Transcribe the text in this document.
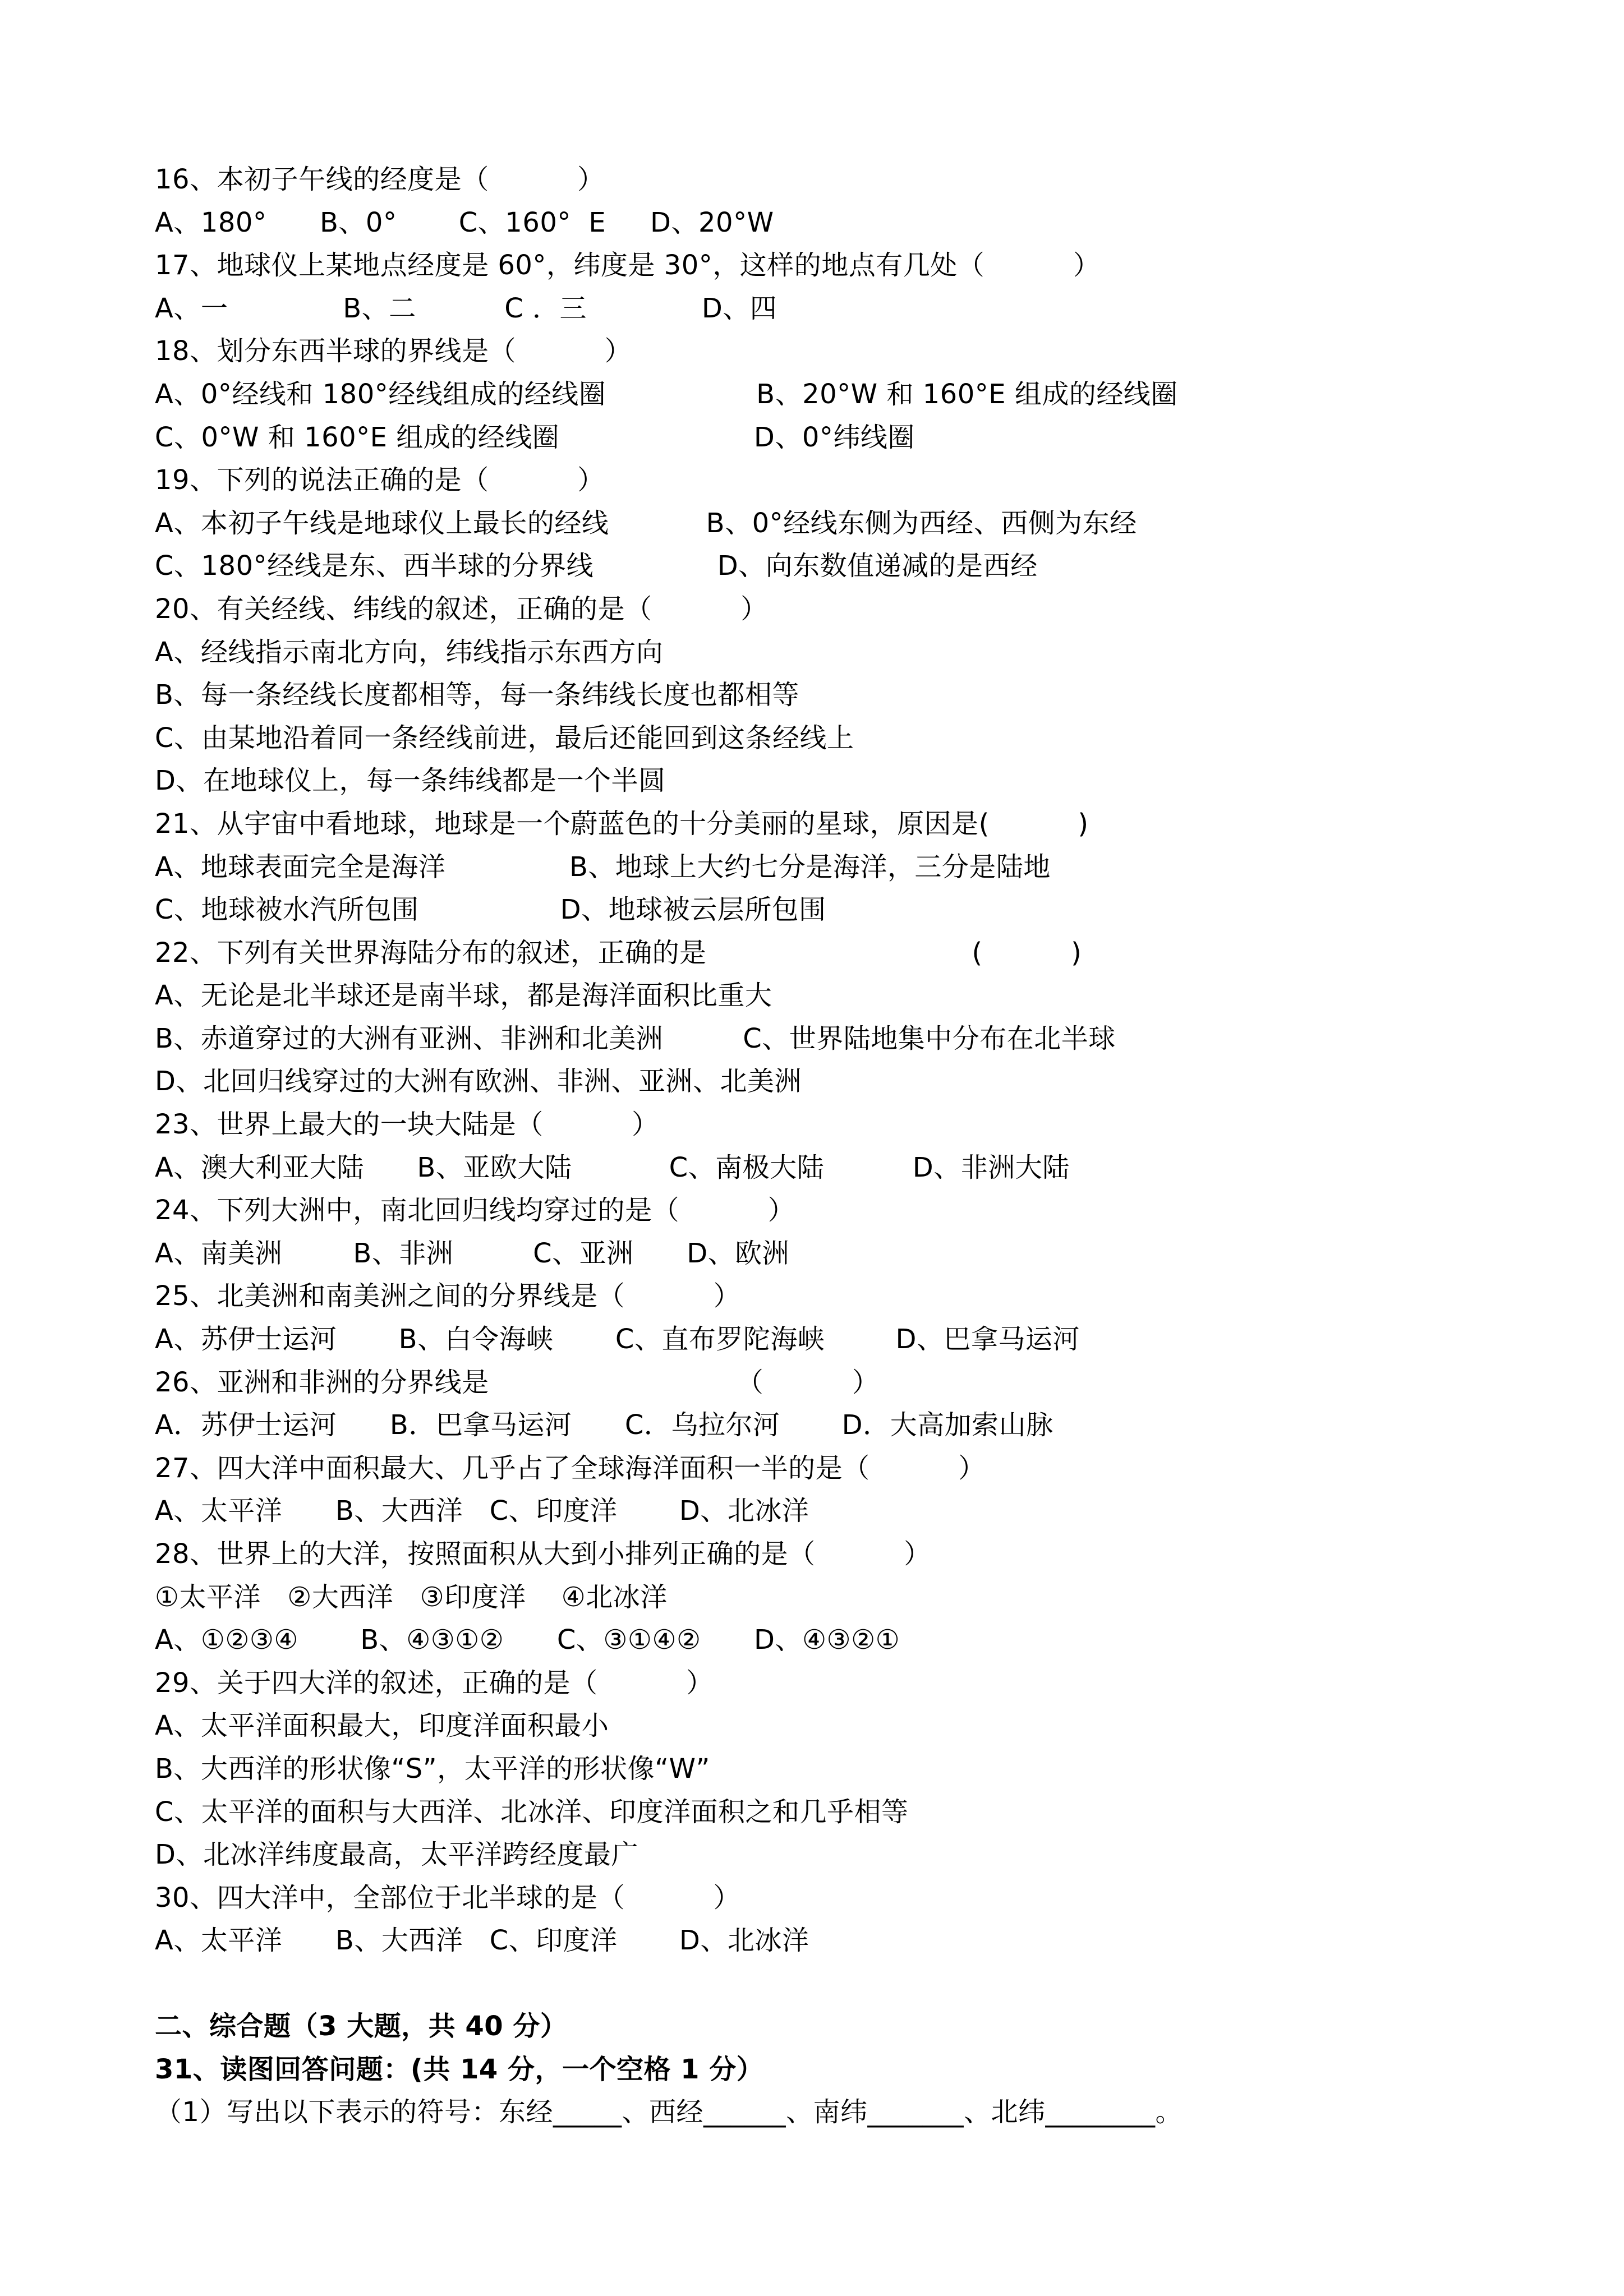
16、本初子午线的经度是（          ）
A、180°      B、0°       C、160°  E     D、20°W
17、地球仪上某地点经度是 60°，纬度是 30°，这样的地点有几处（          ）
A、一             B、二          C ．三             D、四
18、划分东西半球的界线是（          ）
A、0°经线和 180°经线组成的经线圈                 B、20°W 和 160°E 组成的经线圈
C、0°W 和 160°E 组成的经线圈                      D、0°纬线圈
19、下列的说法正确的是（          ）
A、本初子午线是地球仪上最长的经线           B、0°经线东侧为西经、西侧为东经
C、180°经线是东、西半球的分界线              D、向东数值递减的是西经
20、有关经线、纬线的叙述，正确的是（          ）
A、经线指示南北方向，纬线指示东西方向
B、每一条经线长度都相等，每一条纬线长度也都相等
C、由某地沿着同一条经线前进，最后还能回到这条经线上
D、在地球仪上，每一条纬线都是一个半圆
21、从宇宙中看地球，地球是一个蔚蓝色的十分美丽的星球，原因是(          )
A、地球表面完全是海洋              B、地球上大约七分是海洋，三分是陆地
C、地球被水汽所包围                D、地球被云层所包围
22、下列有关世界海陆分布的叙述，正确的是                              (          )
A、无论是北半球还是南半球，都是海洋面积比重大
B、赤道穿过的大洲有亚洲、非洲和北美洲         C、世界陆地集中分布在北半球
D、北回归线穿过的大洲有欧洲、非洲、亚洲、北美洲
23、世界上最大的一块大陆是（          ）
A、澳大利亚大陆      B、亚欧大陆           C、南极大陆          D、非洲大陆
24、下列大洲中，南北回归线均穿过的是（          ）
A、南美洲        B、非洲         C、亚洲      D、欧洲
25、北美洲和南美洲之间的分界线是（          ）
A、苏伊士运河       B、白令海峡       C、直布罗陀海峡        D、巴拿马运河
26、亚洲和非洲的分界线是                            （          ）
A．苏伊士运河      B．巴拿马运河      C．乌拉尔河       D．大高加索山脉
27、四大洋中面积最大、几乎占了全球海洋面积一半的是（          ）
A、太平洋      B、大西洋   C、印度洋       D、北冰洋
28、世界上的大洋，按照面积从大到小排列正确的是（          ）
①太平洋   ②大西洋   ③印度洋    ④北冰洋
A、①②③④       B、④③①②      C、③①④②      D、④③②①
29、关于四大洋的叙述，正确的是（          ）
A、太平洋面积最大，印度洋面积最小
B、大西洋的形状像“S”，太平洋的形状像“W”
C、太平洋的面积与大西洋、北冰洋、印度洋面积之和几乎相等
D、北冰洋纬度最高，太平洋跨经度最广
30、四大洋中，全部位于北半球的是（          ）
A、太平洋      B、大西洋   C、印度洋       D、北冰洋
二、综合题（3 大题，共 40 分）
31、读图回答问题：(共 14 分，一个空格 1 分）
（1）写出以下表示的符号：东经_____、西经______、南纬_______、北纬________。
